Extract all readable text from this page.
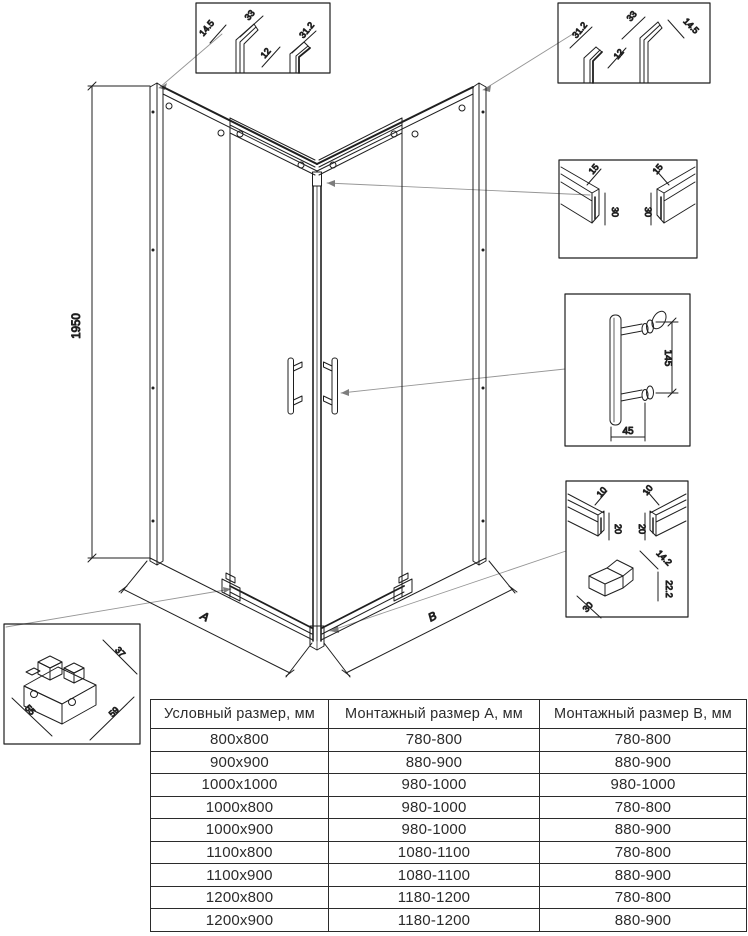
1950
A	B
14.5
33
12
31.2	31.2
12
33
14.5
15	15
30	30
145
45
10	10
20 20
14.2
22.2
30
37
55	59	Условный размер, мм	Монтажный размер A, мм	Монтажный размер B, мм
800x800	780-800	780-800
900x900	880-900	880-900
1000x1000	980-1000	980-1000
1000x800	980-1000	780-800
1000x900	980-1000	880-900
1100x800	1080-1100	780-800
1100x900	1080-1100	880-900
1200x800	1180-1200	780-800
1200x900	1180-1200	880-900
